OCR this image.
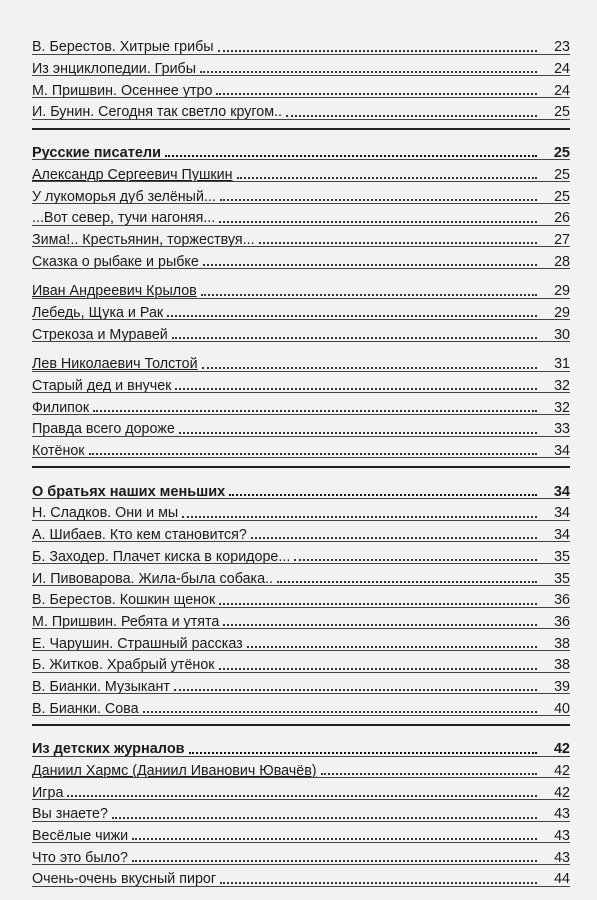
В. Берестов. Хитрые грибы	23
Из энциклопедии. Грибы	24
М. Пришвин. Осеннее утро	24
И. Бунин. Сегодня так светло кругом..	25
Русские писатели	25
Александр Сергеевич Пушкин	25
У лукоморья дуб зелёный...	25
...Вот север, тучи нагоняя...	26
Зима!.. Крестьянин, торжествуя...	27
Сказка о рыбаке и рыбке	28
Иван Андреевич Крылов	29
Лебедь, Щука и Рак	29
Стрекоза и Муравей	30
Лев Николаевич Толстой	31
Старый дед и внучек	32
Филипок	32
Правда всего дороже	33
Котёнок	34
О братьях наших меньших	34
Н. Сладков. Они и мы	34
А. Шибаев. Кто кем становится?	34
Б. Заходер. Плачет киска в коридоре...	35
И. Пивоварова. Жила-была собака..	35
В. Берестов. Кошкин щенок	36
М. Пришвин. Ребята и утята	36
Е. Чарушин. Страшный рассказ	38
Б. Житков. Храбрый утёнок	38
В. Бианки. Музыкант	39
В. Бианки. Сова	40
Из детских журналов	42
Даниил Хармс (Даниил Иванович Ювачёв)	42
Игра	42
Вы знаете?	43
Весёлые чижи	43
Что это было?	43
Очень-очень вкусный пирог	44
